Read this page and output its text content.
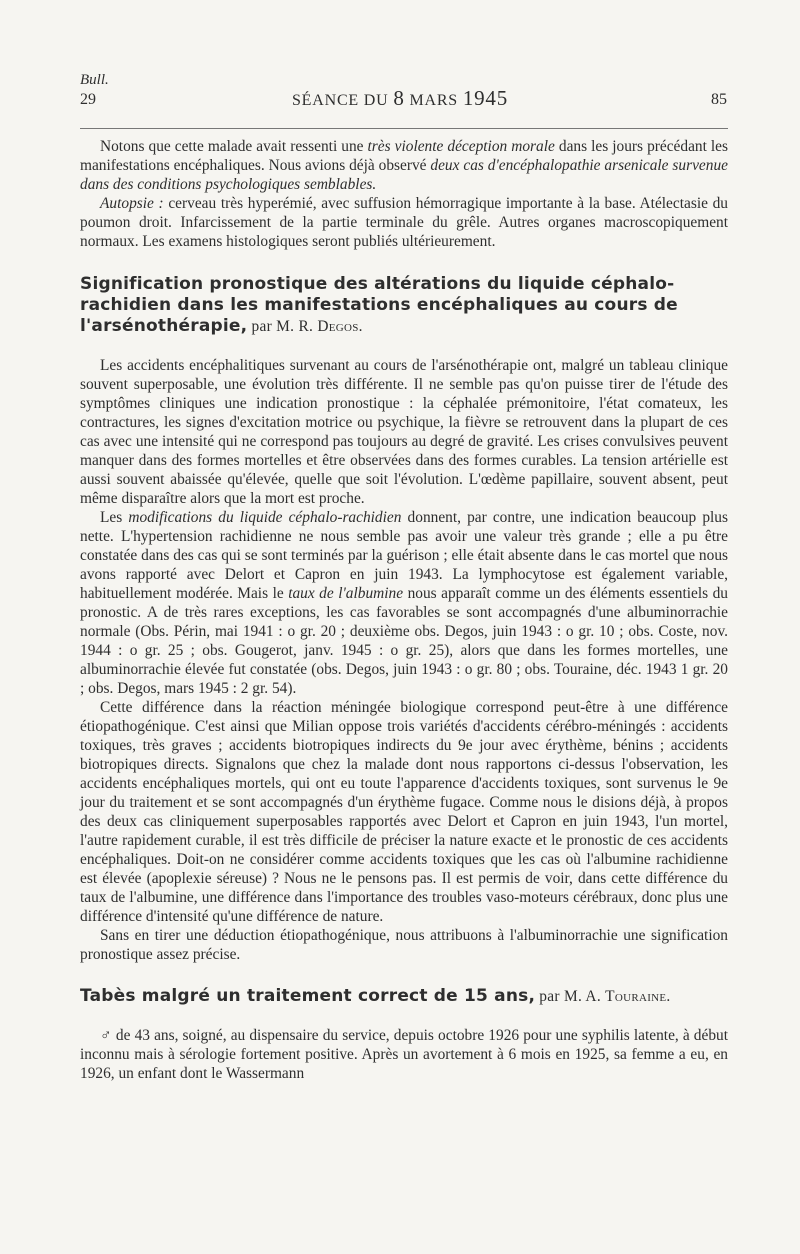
Bull.
29	SÉANCE DU 8 MARS 1945	85

Notons que cette malade avait ressenti une très violente déception morale dans les jours précédant les manifestations encéphaliques. Nous avions déjà observé deux cas d'encéphalopathie arsenicale survenue dans des conditions psychologiques semblables.

Autopsie : cerveau très hyperémié, avec suffusion hémorragique importante à la base. Atélectasie du poumon droit. Infarcissement de la partie terminale du grêle. Autres organes macroscopiquement normaux. Les examens histologiques seront publiés ultérieurement.

Signification pronostique des altérations du liquide céphalo-rachidien dans les manifestations encéphaliques au cours de l'arsénothérapie, par M. R. Degos.

Les accidents encéphalitiques survenant au cours de l'arsénothérapie ont, malgré un tableau clinique souvent superposable, une évolution très différente. Il ne semble pas qu'on puisse tirer de l'étude des symptômes cliniques une indication pronostique : la céphalée prémonitoire, l'état comateux, les contractures, les signes d'excitation motrice ou psychique, la fièvre se retrouvent dans la plupart de ces cas avec une intensité qui ne correspond pas toujours au degré de gravité. Les crises convulsives peuvent manquer dans des formes mortelles et être observées dans des formes curables. La tension artérielle est aussi souvent abaissée qu'élevée, quelle que soit l'évolution. L'œdème papillaire, souvent absent, peut même disparaître alors que la mort est proche.

Les modifications du liquide céphalo-rachidien donnent, par contre, une indication beaucoup plus nette. L'hypertension rachidienne ne nous semble pas avoir une valeur très grande ; elle a pu être constatée dans des cas qui se sont terminés par la guérison ; elle était absente dans le cas mortel que nous avons rapporté avec Delort et Capron en juin 1943. La lymphocytose est également variable, habituellement modérée. Mais le taux de l'albumine nous apparaît comme un des éléments essentiels du pronostic. A de très rares exceptions, les cas favorables se sont accompagnés d'une albuminorrachie normale (Obs. Périn, mai 1941 : o gr. 20 ; deuxième obs. Degos, juin 1943 : o gr. 10 ; obs. Coste, nov. 1944 : o gr. 25 ; obs. Gougerot, janv. 1945 : o gr. 25), alors que dans les formes mortelles, une albuminorrachie élevée fut constatée (obs. Degos, juin 1943 : o gr. 80 ; obs. Touraine, déc. 1943 1 gr. 20 ; obs. Degos, mars 1945 : 2 gr. 54).

Cette différence dans la réaction méningée biologique correspond peut-être à une différence étiopathogénique. C'est ainsi que Milian oppose trois variétés d'accidents cérébro-méningés : accidents toxiques, très graves ; accidents biotropiques indirects du 9e jour avec érythème, bénins ; accidents biotropiques directs. Signalons que chez la malade dont nous rapportons ci-dessus l'observation, les accidents encéphaliques mortels, qui ont eu toute l'apparence d'accidents toxiques, sont survenus le 9e jour du traitement et se sont accompagnés d'un érythème fugace. Comme nous le disions déjà, à propos des deux cas cliniquement superposables rapportés avec Delort et Capron en juin 1943, l'un mortel, l'autre rapidement curable, il est très difficile de préciser la nature exacte et le pronostic de ces accidents encéphaliques. Doit-on ne considérer comme accidents toxiques que les cas où l'albumine rachidienne est élevée (apoplexie séreuse) ? Nous ne le pensons pas. Il est permis de voir, dans cette différence du taux de l'albumine, une différence dans l'importance des troubles vaso-moteurs cérébraux, donc plus une différence d'intensité qu'une différence de nature.

Sans en tirer une déduction étiopathogénique, nous attribuons à l'albuminorrachie une signification pronostique assez précise.

Tabès malgré un traitement correct de 15 ans, par M. A. Touraine.

♂ de 43 ans, soigné, au dispensaire du service, depuis octobre 1926 pour une syphilis latente, à début inconnu mais à sérologie fortement positive. Après un avortement à 6 mois en 1925, sa femme a eu, en 1926, un enfant dont le Wassermann
